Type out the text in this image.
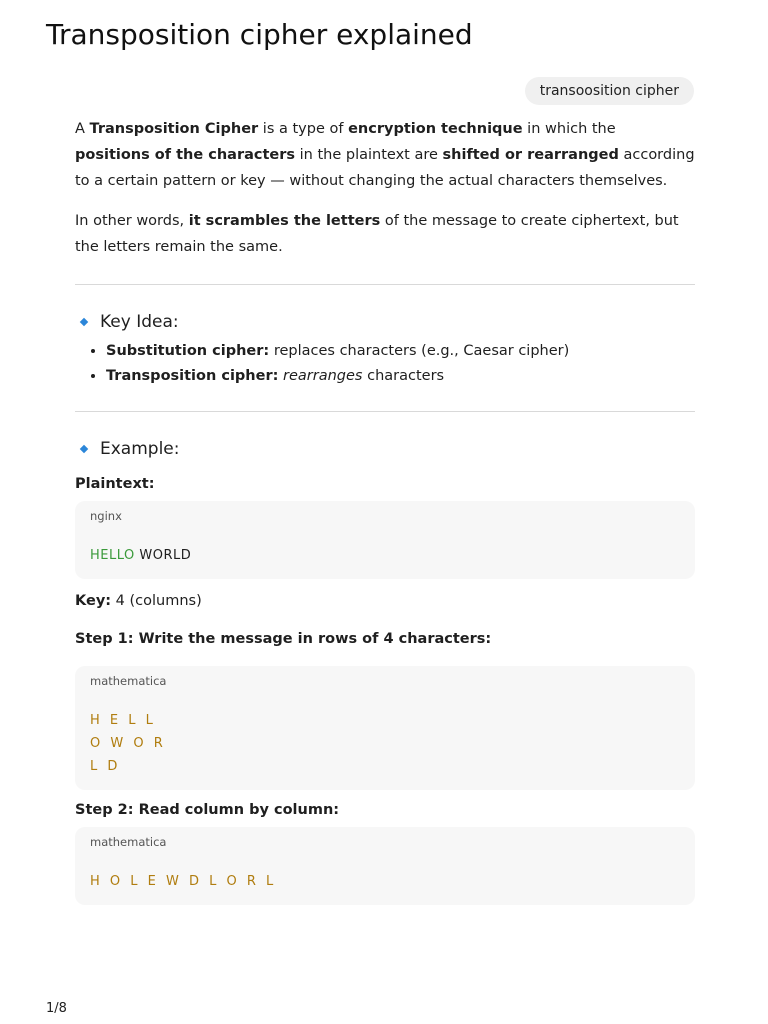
Transposition cipher explained
transoosition cipher

A Transposition Cipher is a type of encryption technique in which the positions of the characters in the plaintext are shifted or rearranged according to a certain pattern or key — without changing the actual characters themselves.

In other words, it scrambles the letters of the message to create ciphertext, but the letters remain the same.

Key Idea:
• Substitution cipher: replaces characters (e.g., Caesar cipher)
• Transposition cipher: rearranges characters
Example:
Plaintext:
nginx
HELLO WORLD
Key: 4 (columns)
Step 1: Write the message in rows of 4 characters:
mathematica
H E L L
O W O R
L D
Step 2: Read column by column:
mathematica
H O L E W D L O R L
1/8
